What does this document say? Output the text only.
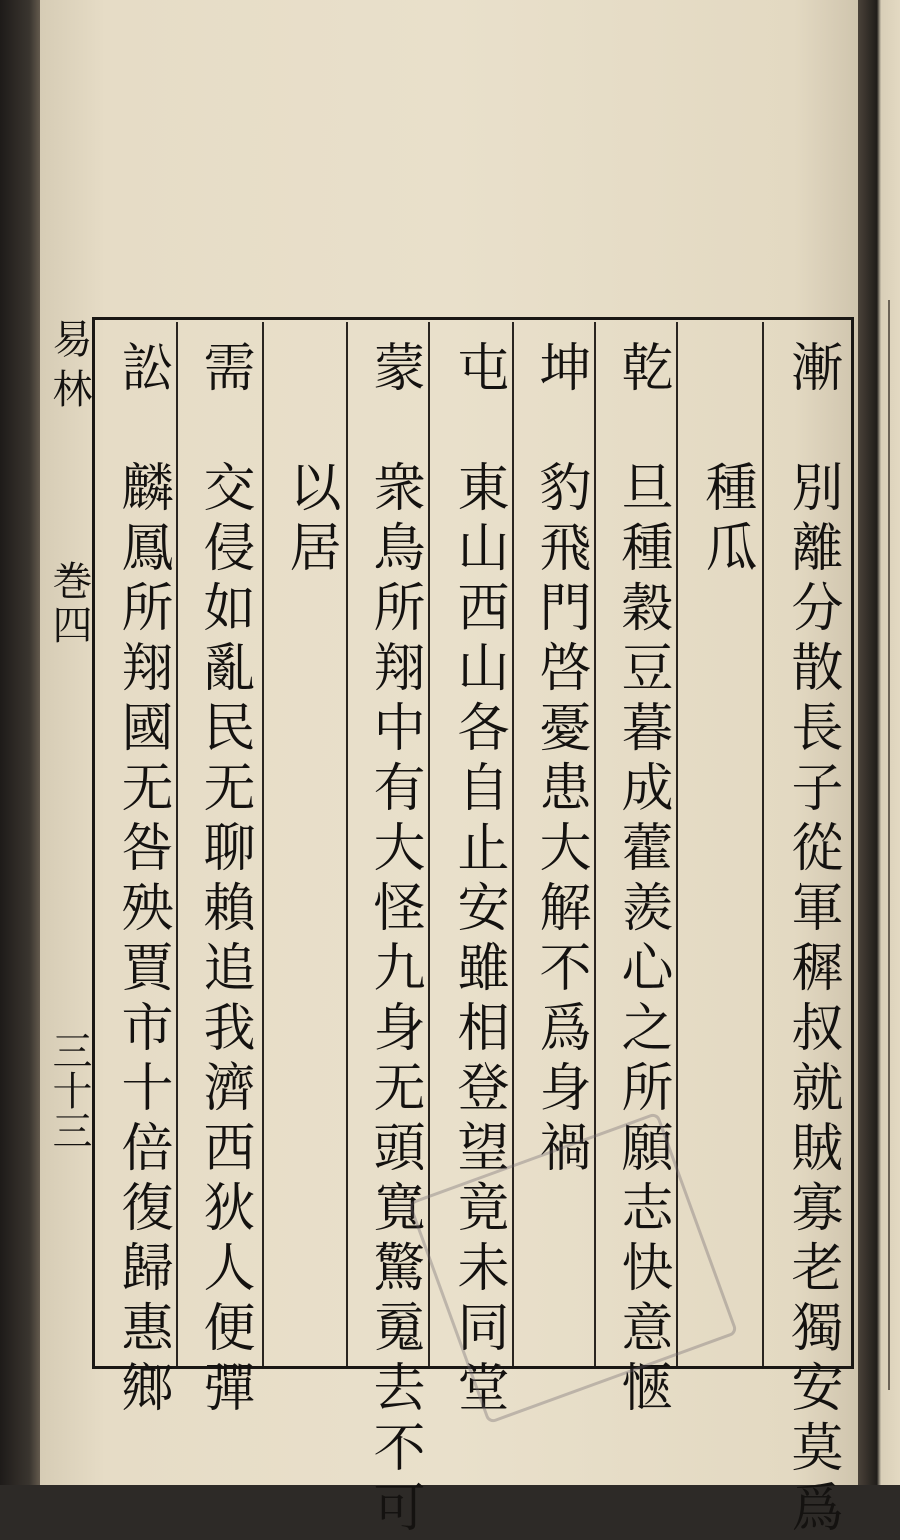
易林
巻四
三十三	漸　別離分散長子從軍穉叔就賊寡老獨安莫爲
　　種瓜
乾　旦種穀豆暮成藿羨心之所願志快意愜
坤　豹飛門啓憂患大解不爲身禍
屯　東山西山各自止安雖相登望竟未同堂
蒙　衆鳥所翔中有大怪九身无頭寬驚䰟去不可
　　以居
需　交侵如亂民无聊賴追我濟西狄人便彈
訟　麟鳳所翔國无咎殃賈市十倍復歸惠鄉
